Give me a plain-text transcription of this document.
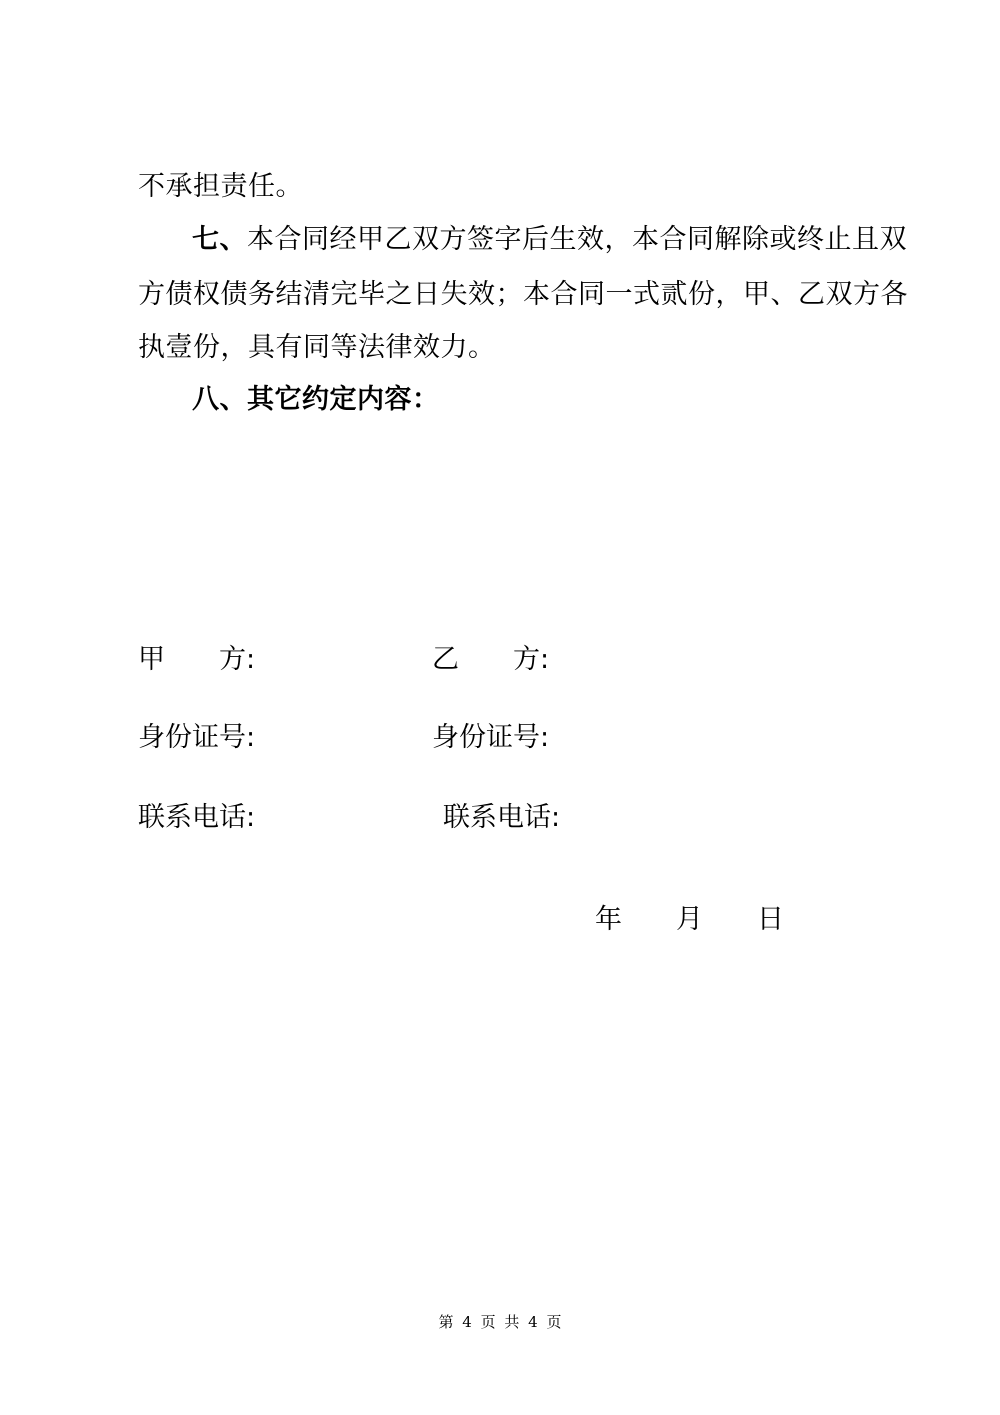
不承担责任。
七、本合同经甲乙双方签字后生效，本合同解除或终止且双
方债权债务结清完毕之日失效；本合同一式贰份，甲、乙双方各
执壹份，具有同等法律效力。
八、其它约定内容：
甲　　方:	乙　　方:
身份证号:	身份证号:
联系电话:	联系电话:
年 月 日
第 4 页 共 4 页
